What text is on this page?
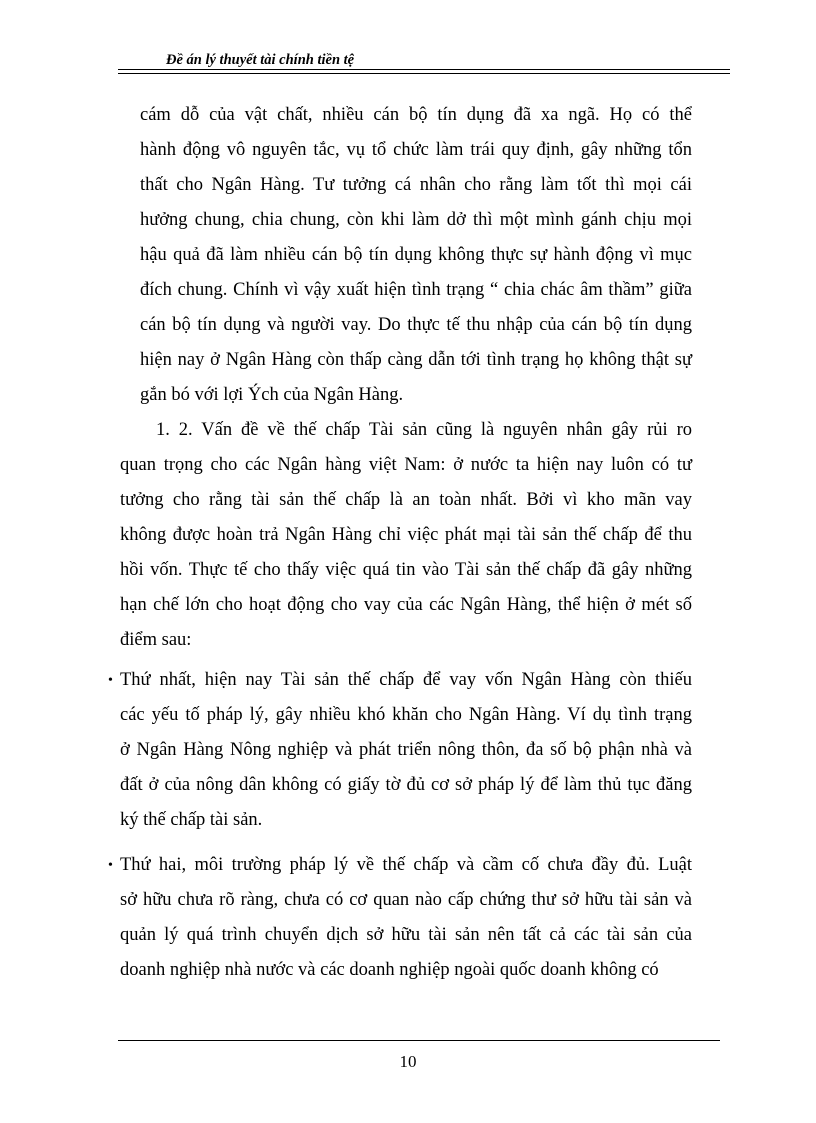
Đề án lý thuyết tài chính tiền tệ
cám dỗ của vật chất, nhiều cán bộ tín dụng đã xa ngã. Họ có thể
hành động vô nguyên tắc, vụ tổ chức làm trái quy định, gây những tổn
thất cho Ngân Hàng. Tư tưởng cá nhân cho rằng làm tốt thì mọi cái
hưởng chung, chia chung, còn khi làm dở thì một mình gánh chịu mọi
hậu quả đã làm nhiều cán bộ tín dụng không thực sự hành động vì mục
đích chung. Chính vì vậy xuất hiện tình trạng “ chia chác âm thầm” giữa
cán bộ tín dụng và người vay. Do thực tế thu nhập của cán bộ tín dụng
hiện nay ở Ngân Hàng còn thấp càng dẫn tới tình trạng họ không thật sự
gắn bó với lợi Ých của Ngân Hàng.
1. 2. Vấn đề về thế chấp Tài sản cũng là nguyên nhân gây rủi ro
quan trọng cho các Ngân hàng việt Nam: ở nước ta hiện nay luôn có tư
tưởng cho rằng tài sản thế chấp là an toàn nhất. Bởi vì kho mãn vay
không được hoàn trả Ngân Hàng chỉ việc phát mại tài sản thế chấp để thu
hồi vốn. Thực tế cho thấy việc quá tin vào Tài sản thế chấp đã gây những
hạn chế lớn cho hoạt động cho vay của các Ngân Hàng, thể hiện ở mét số
điểm sau:
• Thứ nhất, hiện nay Tài sản thế chấp để vay vốn Ngân Hàng còn thiếu
các yếu tố pháp lý, gây nhiều khó khăn cho Ngân Hàng. Ví dụ tình trạng
ở Ngân Hàng Nông nghiệp và phát triển nông thôn, đa số bộ phận nhà và
đất ở của nông dân không có giấy tờ đủ cơ sở pháp lý để làm thủ tục đăng
ký thế chấp tài sản.
• Thứ hai, môi trường pháp lý về thế chấp và cầm cố chưa đầy đủ. Luật
sở hữu chưa rõ ràng, chưa có cơ quan nào cấp chứng thư sở hữu tài sản và
quản lý quá trình chuyển dịch sở hữu tài sản nên tất cả các tài sản của
doanh nghiệp nhà nước và các doanh nghiệp ngoài quốc doanh không có
10
